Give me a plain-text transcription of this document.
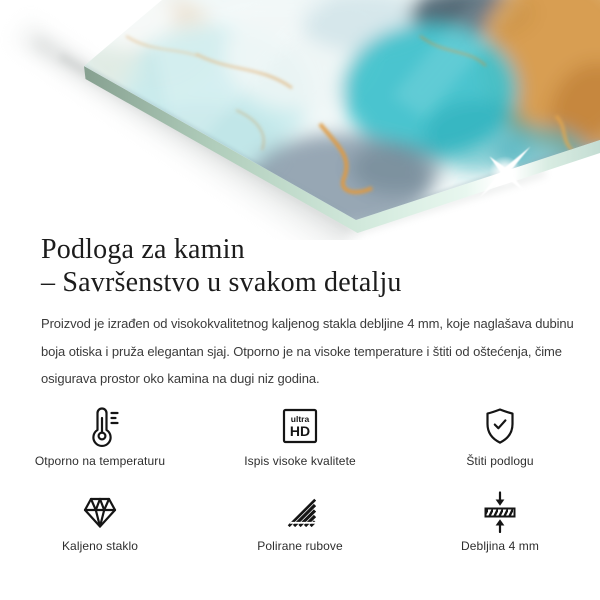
Podloga za kamin
– Savršenstvo u svakom detalju
Proizvod je izrađen od visokokvalitetnog kaljenog stakla debljine 4 mm, koje naglašava dubinu
boja otiska i pruža elegantan sjaj. Otporno je na visoke temperature i štiti od oštećenja, čime
osigurava prostor oko kamina na dugi niz godina.
Otporno na temperaturu
ultra
HD
Ispis visoke kvalitete	Štiti podlogu
Kaljeno staklo	Polirane rubove	Debljina 4 mm
